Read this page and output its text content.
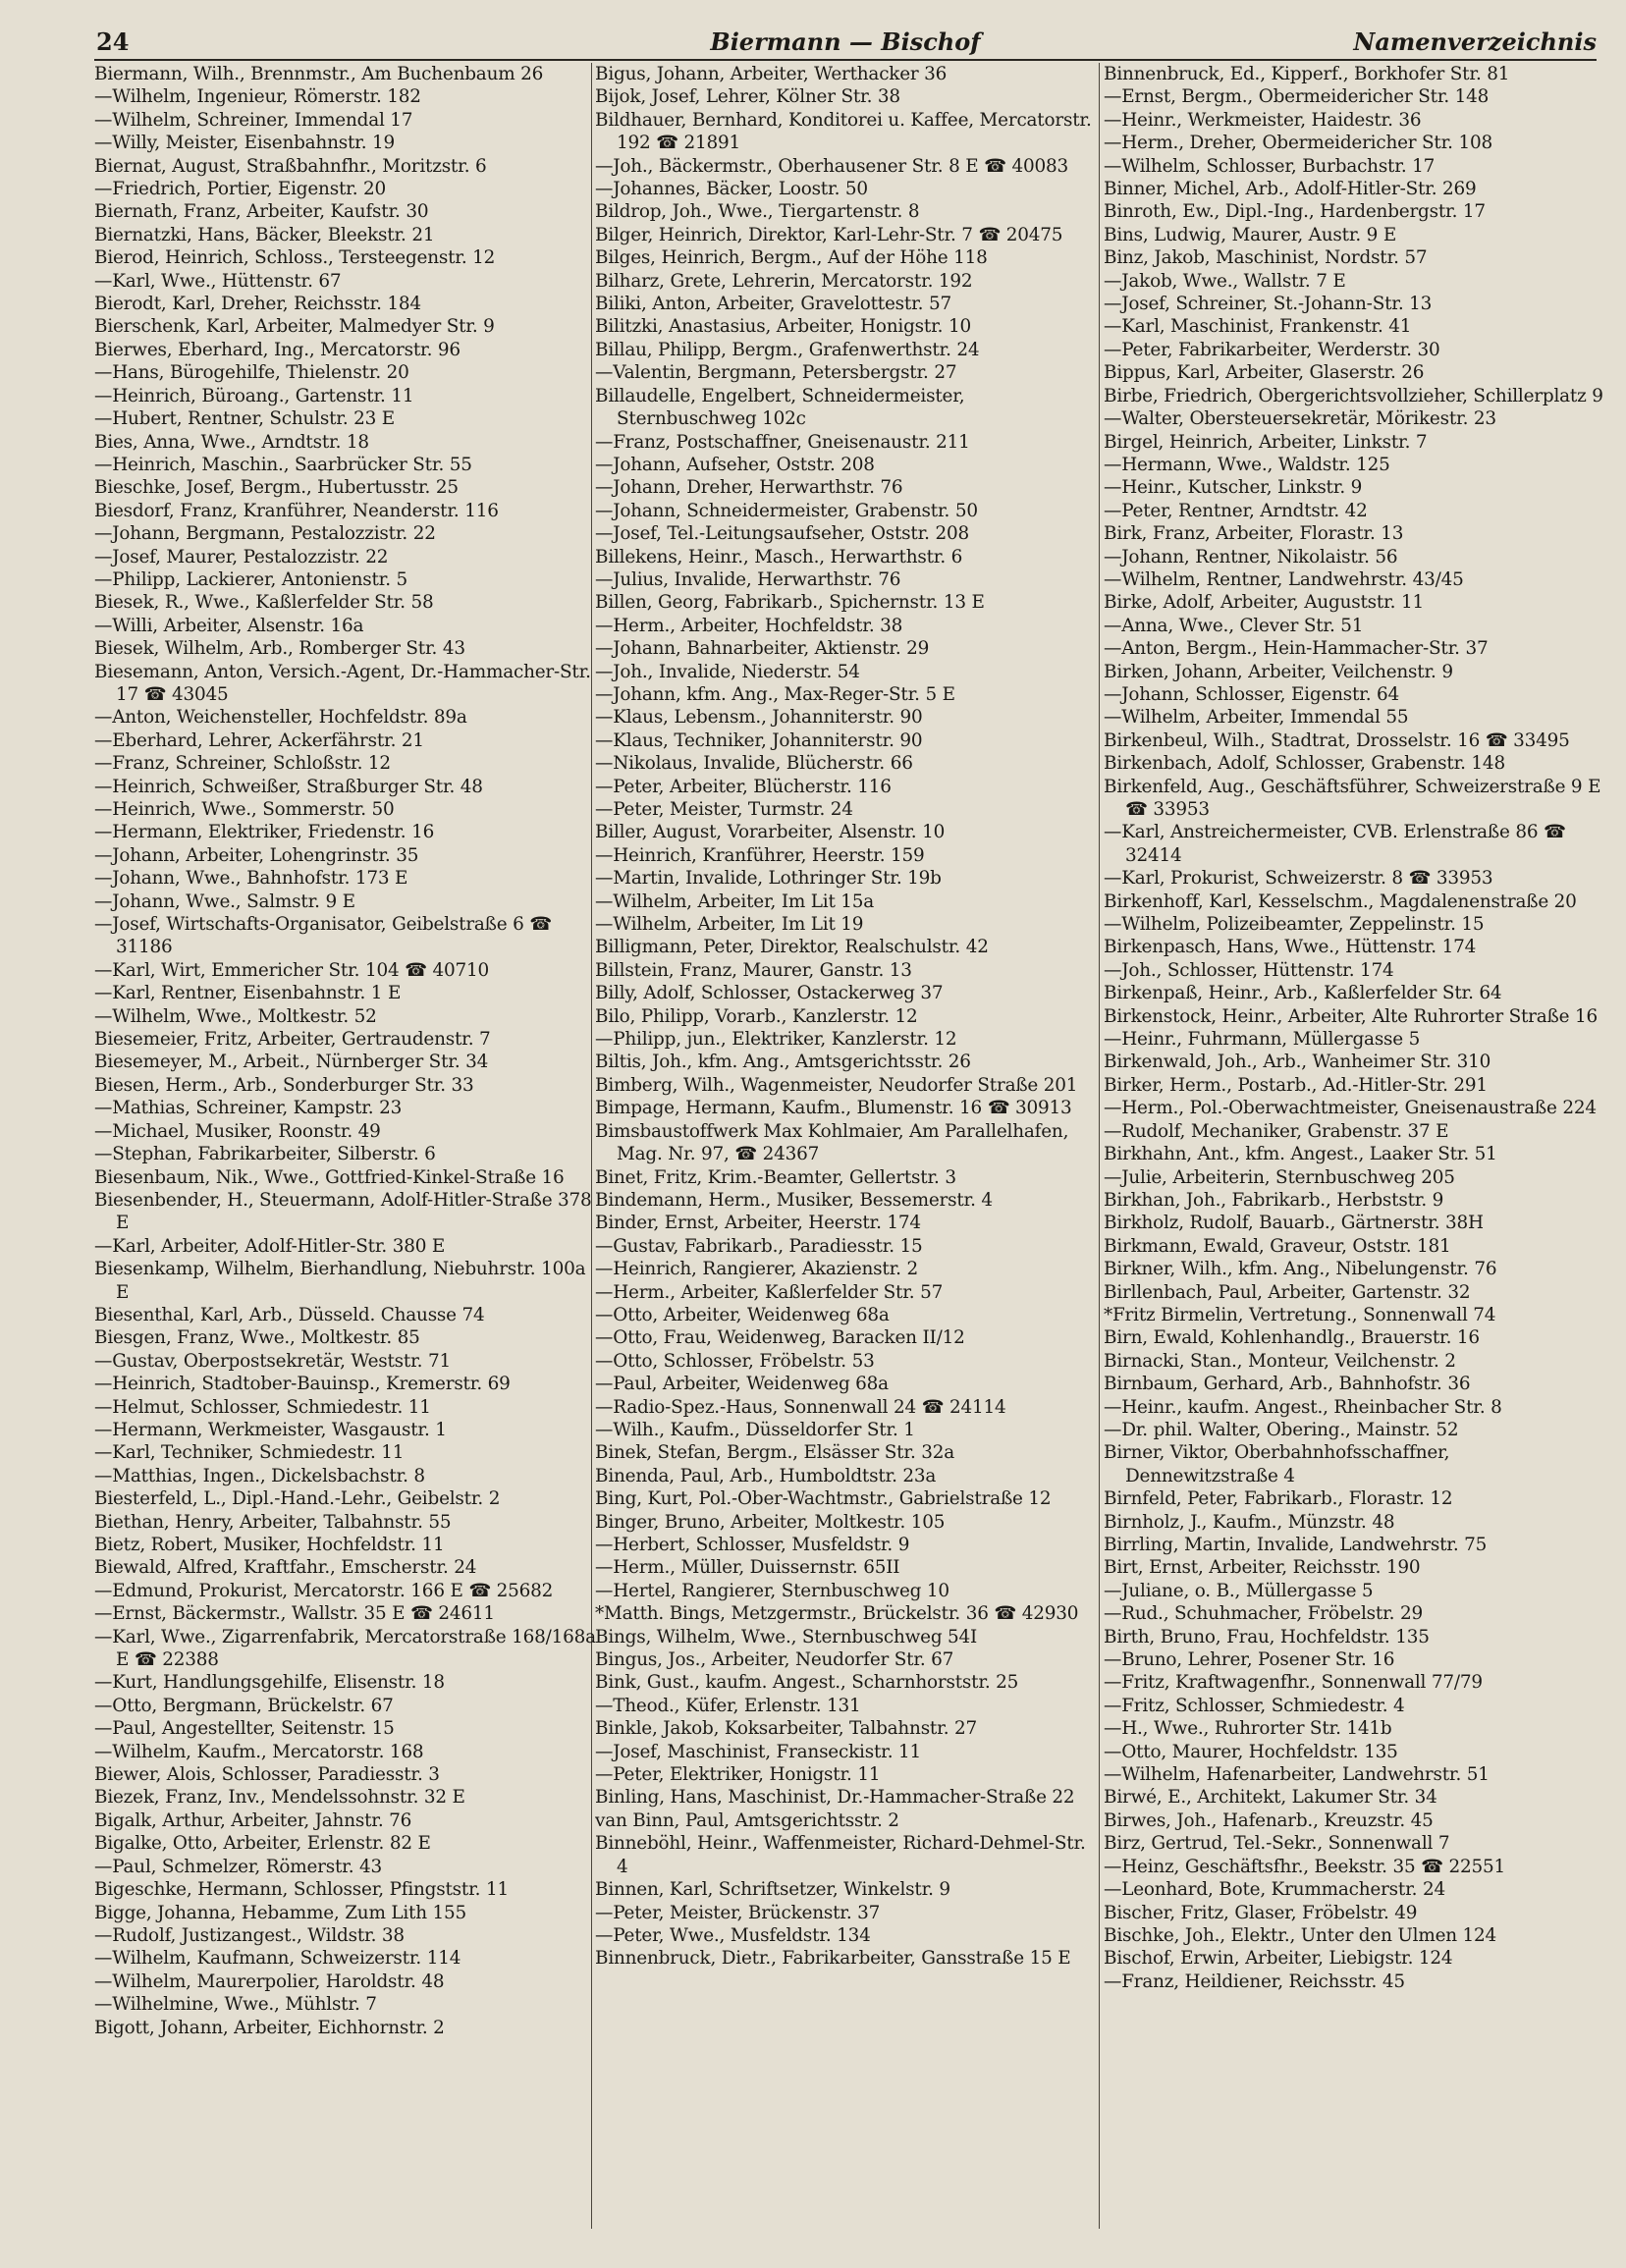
24	Biermann — Bischof	Namenverzeichnis

Biermann, Wilh., Brennmstr., Am Buchenbaum 26

—Wilhelm, Ingenieur, Römerstr. 182

—Wilhelm, Schreiner, Immendal 17

—Willy, Meister, Eisenbahnstr. 19

Biernat, August, Straßbahnfhr., Moritzstr. 6

—Friedrich, Portier, Eigenstr. 20

Biernath, Franz, Arbeiter, Kaufstr. 30

Biernatzki, Hans, Bäcker, Bleekstr. 21

Bierod, Heinrich, Schloss., Tersteegenstr. 12

—Karl, Wwe., Hüttenstr. 67

Bierodt, Karl, Dreher, Reichsstr. 184

Bierschenk, Karl, Arbeiter, Malmedyer Str. 9

Bierwes, Eberhard, Ing., Mercatorstr. 96

—Hans, Bürogehilfe, Thielenstr. 20

—Heinrich, Büroang., Gartenstr. 11

—Hubert, Rentner, Schulstr. 23 E

Bies, Anna, Wwe., Arndtstr. 18

—Heinrich, Maschin., Saarbrücker Str. 55

Bieschke, Josef, Bergm., Hubertusstr. 25

Biesdorf, Franz, Kranführer, Neanderstr. 116

—Johann, Bergmann, Pestalozzistr. 22

—Josef, Maurer, Pestalozzistr. 22

—Philipp, Lackierer, Antonienstr. 5

Biesek, R., Wwe., Kaßlerfelder Str. 58

—Willi, Arbeiter, Alsenstr. 16a

Biesek, Wilhelm, Arb., Romberger Str. 43

Biesemann, Anton, Versich.-Agent, Dr.-Hammacher-Str. 17 ☎ 43045

—Anton, Weichensteller, Hochfeldstr. 89a

—Eberhard, Lehrer, Ackerfährstr. 21

—Franz, Schreiner, Schloßstr. 12

—Heinrich, Schweißer, Straßburger Str. 48

—Heinrich, Wwe., Sommerstr. 50

—Hermann, Elektriker, Friedenstr. 16

—Johann, Arbeiter, Lohengrinstr. 35

—Johann, Wwe., Bahnhofstr. 173 E

—Johann, Wwe., Salmstr. 9 E

—Josef, Wirtschafts-Organisator, Geibelstraße 6 ☎ 31186

—Karl, Wirt, Emmericher Str. 104 ☎ 40710

—Karl, Rentner, Eisenbahnstr. 1 E

—Wilhelm, Wwe., Moltkestr. 52

Biesemeier, Fritz, Arbeiter, Gertraudenstr. 7

Biesemeyer, M., Arbeit., Nürnberger Str. 34

Biesen, Herm., Arb., Sonderburger Str. 33

—Mathias, Schreiner, Kampstr. 23

—Michael, Musiker, Roonstr. 49

—Stephan, Fabrikarbeiter, Silberstr. 6

Biesenbaum, Nik., Wwe., Gottfried-Kinkel-Straße 16

Biesenbender, H., Steuermann, Adolf-Hitler-Straße 378 E

—Karl, Arbeiter, Adolf-Hitler-Str. 380 E

Biesenkamp, Wilhelm, Bierhandlung, Niebuhrstr. 100a E

Biesenthal, Karl, Arb., Düsseld. Chausse 74

Biesgen, Franz, Wwe., Moltkestr. 85

—Gustav, Oberpostsekretär, Weststr. 71

—Heinrich, Stadtober-Bauinsp., Kremerstr. 69

—Helmut, Schlosser, Schmiedestr. 11

—Hermann, Werkmeister, Wasgaustr. 1

—Karl, Techniker, Schmiedestr. 11

—Matthias, Ingen., Dickelsbachstr. 8

Biesterfeld, L., Dipl.-Hand.-Lehr., Geibelstr. 2

Biethan, Henry, Arbeiter, Talbahnstr. 55

Bietz, Robert, Musiker, Hochfeldstr. 11

Biewald, Alfred, Kraftfahr., Emscherstr. 24

—Edmund, Prokurist, Mercatorstr. 166 E ☎ 25682

—Ernst, Bäckermstr., Wallstr. 35 E ☎ 24611

—Karl, Wwe., Zigarrenfabrik, Mercatorstraße 168/168a E ☎ 22388

—Kurt, Handlungsgehilfe, Elisenstr. 18

—Otto, Bergmann, Brückelstr. 67

—Paul, Angestellter, Seitenstr. 15

—Wilhelm, Kaufm., Mercatorstr. 168

Biewer, Alois, Schlosser, Paradiesstr. 3

Biezek, Franz, Inv., Mendelssohnstr. 32 E

Bigalk, Arthur, Arbeiter, Jahnstr. 76

Bigalke, Otto, Arbeiter, Erlenstr. 82 E

—Paul, Schmelzer, Römerstr. 43

Bigeschke, Hermann, Schlosser, Pfingststr. 11

Bigge, Johanna, Hebamme, Zum Lith 155

—Rudolf, Justizangest., Wildstr. 38

—Wilhelm, Kaufmann, Schweizerstr. 114

—Wilhelm, Maurerpolier, Haroldstr. 48

—Wilhelmine, Wwe., Mühlstr. 7

Bigott, Johann, Arbeiter, Eichhornstr. 2

Bigus, Johann, Arbeiter, Werthacker 36

Bijok, Josef, Lehrer, Kölner Str. 38

Bildhauer, Bernhard, Konditorei u. Kaffee, Mercatorstr. 192 ☎ 21891

—Joh., Bäckermstr., Oberhausener Str. 8 E ☎ 40083

—Johannes, Bäcker, Loostr. 50

Bildrop, Joh., Wwe., Tiergartenstr. 8

Bilger, Heinrich, Direktor, Karl-Lehr-Str. 7 ☎ 20475

Bilges, Heinrich, Bergm., Auf der Höhe 118

Bilharz, Grete, Lehrerin, Mercatorstr. 192

Biliki, Anton, Arbeiter, Gravelottestr. 57

Bilitzki, Anastasius, Arbeiter, Honigstr. 10

Billau, Philipp, Bergm., Grafenwerthstr. 24

—Valentin, Bergmann, Petersbergstr. 27

Billaudelle, Engelbert, Schneidermeister, Sternbuschweg 102c

—Franz, Postschaffner, Gneisenaustr. 211

—Johann, Aufseher, Oststr. 208

—Johann, Dreher, Herwarthstr. 76

—Johann, Schneidermeister, Grabenstr. 50

—Josef, Tel.-Leitungsaufseher, Oststr. 208

Billekens, Heinr., Masch., Herwarthstr. 6

—Julius, Invalide, Herwarthstr. 76

Billen, Georg, Fabrikarb., Spichernstr. 13 E

—Herm., Arbeiter, Hochfeldstr. 38

—Johann, Bahnarbeiter, Aktienstr. 29

—Joh., Invalide, Niederstr. 54

—Johann, kfm. Ang., Max-Reger-Str. 5 E

—Klaus, Lebensm., Johanniterstr. 90

—Klaus, Techniker, Johanniterstr. 90

—Nikolaus, Invalide, Blücherstr. 66

—Peter, Arbeiter, Blücherstr. 116

—Peter, Meister, Turmstr. 24

Biller, August, Vorarbeiter, Alsenstr. 10

—Heinrich, Kranführer, Heerstr. 159

—Martin, Invalide, Lothringer Str. 19b

—Wilhelm, Arbeiter, Im Lit 15a

—Wilhelm, Arbeiter, Im Lit 19

Billigmann, Peter, Direktor, Realschulstr. 42

Billstein, Franz, Maurer, Ganstr. 13

Billy, Adolf, Schlosser, Ostackerweg 37

Bilo, Philipp, Vorarb., Kanzlerstr. 12

—Philipp, jun., Elektriker, Kanzlerstr. 12

Biltis, Joh., kfm. Ang., Amtsgerichtsstr. 26

Bimberg, Wilh., Wagenmeister, Neudorfer Straße 201

Bimpage, Hermann, Kaufm., Blumenstr. 16 ☎ 30913

Bimsbaustoffwerk Max Kohlmaier, Am Parallelhafen, Mag. Nr. 97, ☎ 24367

Binet, Fritz, Krim.-Beamter, Gellertstr. 3

Bindemann, Herm., Musiker, Bessemerstr. 4

Binder, Ernst, Arbeiter, Heerstr. 174

—Gustav, Fabrikarb., Paradiesstr. 15

—Heinrich, Rangierer, Akazienstr. 2

—Herm., Arbeiter, Kaßlerfelder Str. 57

—Otto, Arbeiter, Weidenweg 68a

—Otto, Frau, Weidenweg, Baracken II/12

—Otto, Schlosser, Fröbelstr. 53

—Paul, Arbeiter, Weidenweg 68a

—Radio-Spez.-Haus, Sonnenwall 24 ☎ 24114

—Wilh., Kaufm., Düsseldorfer Str. 1

Binek, Stefan, Bergm., Elsässer Str. 32a

Binenda, Paul, Arb., Humboldtstr. 23a

Bing, Kurt, Pol.-Ober-Wachtmstr., Gabrielstraße 12

Binger, Bruno, Arbeiter, Moltkestr. 105

—Herbert, Schlosser, Musfeldstr. 9

—Herm., Müller, Duissernstr. 65II

—Hertel, Rangierer, Sternbuschweg 10

*Matth. Bings, Metzgermstr., Brückelstr. 36 ☎ 42930

Bings, Wilhelm, Wwe., Sternbuschweg 54I

Bingus, Jos., Arbeiter, Neudorfer Str. 67

Bink, Gust., kaufm. Angest., Scharnhorststr. 25

—Theod., Küfer, Erlenstr. 131

Binkle, Jakob, Koksarbeiter, Talbahnstr. 27

—Josef, Maschinist, Franseckistr. 11

—Peter, Elektriker, Honigstr. 11

Binling, Hans, Maschinist, Dr.-Hammacher-Straße 22

van Binn, Paul, Amtsgerichtsstr. 2

Binneböhl, Heinr., Waffenmeister, Richard-Dehmel-Str. 4

Binnen, Karl, Schriftsetzer, Winkelstr. 9

—Peter, Meister, Brückenstr. 37

—Peter, Wwe., Musfeldstr. 134

Binnenbruck, Dietr., Fabrikarbeiter, Gansstraße 15 E

Binnenbruck, Ed., Kipperf., Borkhofer Str. 81

—Ernst, Bergm., Obermeidericher Str. 148

—Heinr., Werkmeister, Haidestr. 36

—Herm., Dreher, Obermeidericher Str. 108

—Wilhelm, Schlosser, Burbachstr. 17

Binner, Michel, Arb., Adolf-Hitler-Str. 269

Binroth, Ew., Dipl.-Ing., Hardenbergstr. 17

Bins, Ludwig, Maurer, Austr. 9 E

Binz, Jakob, Maschinist, Nordstr. 57

—Jakob, Wwe., Wallstr. 7 E

—Josef, Schreiner, St.-Johann-Str. 13

—Karl, Maschinist, Frankenstr. 41

—Peter, Fabrikarbeiter, Werderstr. 30

Bippus, Karl, Arbeiter, Glaserstr. 26

Birbe, Friedrich, Obergerichtsvollzieher, Schillerplatz 9

—Walter, Obersteuersekretär, Mörikestr. 23

Birgel, Heinrich, Arbeiter, Linkstr. 7

—Hermann, Wwe., Waldstr. 125

—Heinr., Kutscher, Linkstr. 9

—Peter, Rentner, Arndtstr. 42

Birk, Franz, Arbeiter, Florastr. 13

—Johann, Rentner, Nikolaistr. 56

—Wilhelm, Rentner, Landwehrstr. 43/45

Birke, Adolf, Arbeiter, Auguststr. 11

—Anna, Wwe., Clever Str. 51

—Anton, Bergm., Hein-Hammacher-Str. 37

Birken, Johann, Arbeiter, Veilchenstr. 9

—Johann, Schlosser, Eigenstr. 64

—Wilhelm, Arbeiter, Immendal 55

Birkenbeul, Wilh., Stadtrat, Drosselstr. 16 ☎ 33495

Birkenbach, Adolf, Schlosser, Grabenstr. 148

Birkenfeld, Aug., Geschäftsführer, Schweizerstraße 9 E ☎ 33953

—Karl, Anstreichermeister, CVB. Erlenstraße 86 ☎ 32414

—Karl, Prokurist, Schweizerstr. 8 ☎ 33953

Birkenhoff, Karl, Kesselschm., Magdalenenstraße 20

—Wilhelm, Polizeibeamter, Zeppelinstr. 15

Birkenpasch, Hans, Wwe., Hüttenstr. 174

—Joh., Schlosser, Hüttenstr. 174

Birkenpaß, Heinr., Arb., Kaßlerfelder Str. 64

Birkenstock, Heinr., Arbeiter, Alte Ruhrorter Straße 16

—Heinr., Fuhrmann, Müllergasse 5

Birkenwald, Joh., Arb., Wanheimer Str. 310

Birker, Herm., Postarb., Ad.-Hitler-Str. 291

—Herm., Pol.-Oberwachtmeister, Gneisenaustraße 224

—Rudolf, Mechaniker, Grabenstr. 37 E

Birkhahn, Ant., kfm. Angest., Laaker Str. 51

—Julie, Arbeiterin, Sternbuschweg 205

Birkhan, Joh., Fabrikarb., Herbststr. 9

Birkholz, Rudolf, Bauarb., Gärtnerstr. 38H

Birkmann, Ewald, Graveur, Oststr. 181

Birkner, Wilh., kfm. Ang., Nibelungenstr. 76

Birllenbach, Paul, Arbeiter, Gartenstr. 32

*Fritz Birmelin, Vertretung., Sonnenwall 74

Birn, Ewald, Kohlenhandlg., Brauerstr. 16

Birnacki, Stan., Monteur, Veilchenstr. 2

Birnbaum, Gerhard, Arb., Bahnhofstr. 36

—Heinr., kaufm. Angest., Rheinbacher Str. 8

—Dr. phil. Walter, Obering., Mainstr. 52

Birner, Viktor, Oberbahnhofsschaffner, Dennewitzstraße 4

Birnfeld, Peter, Fabrikarb., Florastr. 12

Birnholz, J., Kaufm., Münzstr. 48

Birrling, Martin, Invalide, Landwehrstr. 75

Birt, Ernst, Arbeiter, Reichsstr. 190

—Juliane, o. B., Müllergasse 5

—Rud., Schuhmacher, Fröbelstr. 29

Birth, Bruno, Frau, Hochfeldstr. 135

—Bruno, Lehrer, Posener Str. 16

—Fritz, Kraftwagenfhr., Sonnenwall 77/79

—Fritz, Schlosser, Schmiedestr. 4

—H., Wwe., Ruhrorter Str. 141b

—Otto, Maurer, Hochfeldstr. 135

—Wilhelm, Hafenarbeiter, Landwehrstr. 51

Birwé, E., Architekt, Lakumer Str. 34

Birwes, Joh., Hafenarb., Kreuzstr. 45

Birz, Gertrud, Tel.-Sekr., Sonnenwall 7

—Heinz, Geschäftsfhr., Beekstr. 35 ☎ 22551

—Leonhard, Bote, Krummacherstr. 24

Bischer, Fritz, Glaser, Fröbelstr. 49

Bischke, Joh., Elektr., Unter den Ulmen 124

Bischof, Erwin, Arbeiter, Liebigstr. 124

—Franz, Heildiener, Reichsstr. 45
